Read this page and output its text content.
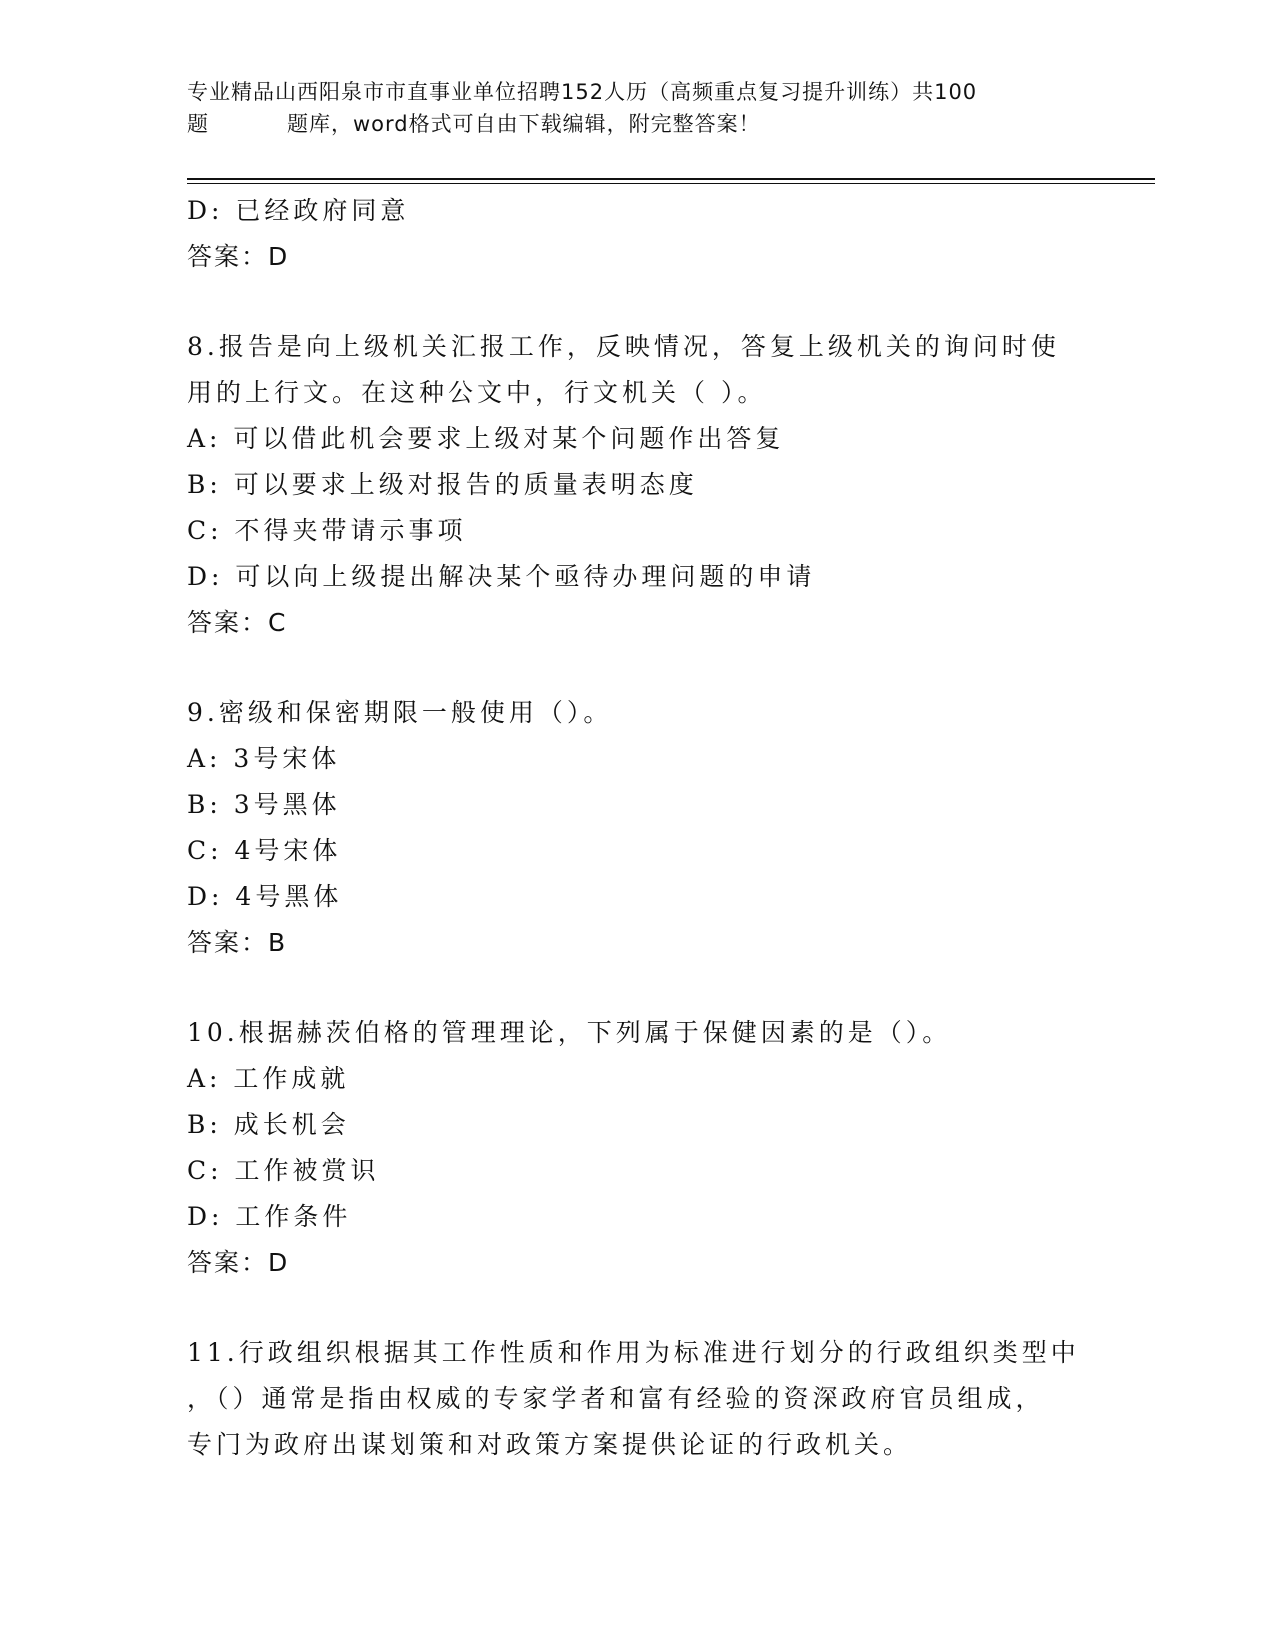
专业精品山西阳泉市市直事业单位招聘152人历（高频重点复习提升训练）共100
题	题库，word格式可自由下载编辑，附完整答案！
D: 已经政府同意
答案：D
8.报告是向上级机关汇报工作，反映情况，答复上级机关的询问时使
用的上行文。在这种公文中，行文机关（ ）。
A: 可以借此机会要求上级对某个问题作出答复
B: 可以要求上级对报告的质量表明态度
C: 不得夹带请示事项
D: 可以向上级提出解决某个亟待办理问题的申请
答案：C
9.密级和保密期限一般使用（）。
A: 3号宋体
B: 3号黑体
C: 4号宋体
D: 4号黑体
答案：B
10.根据赫茨伯格的管理理论，下列属于保健因素的是（）。
A: 工作成就
B: 成长机会
C: 工作被赏识
D: 工作条件
答案：D
11.行政组织根据其工作性质和作用为标准进行划分的行政组织类型中
，（）通常是指由权威的专家学者和富有经验的资深政府官员组成，
专门为政府出谋划策和对政策方案提供论证的行政机关。
